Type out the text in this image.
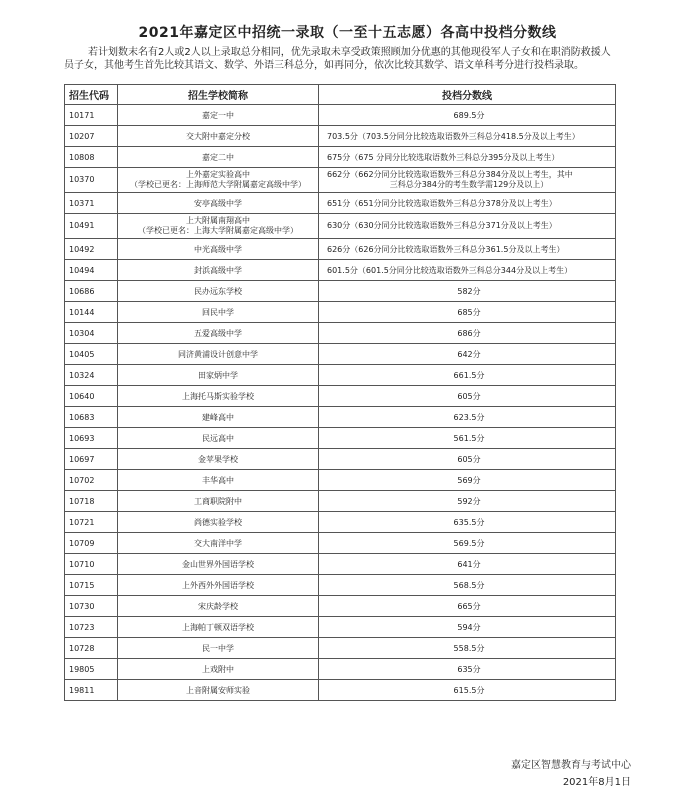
2021年嘉定区中招统一录取（一至十五志愿）各高中投档分数线
若计划数末名有2人或2人以上录取总分相同，优先录取未享受政策照顾加分优惠的其他现役军人子女和在职消防救援人员子女，其他考生首先比较其语文、数学、外语三科总分，如再同分，依次比较其数学、语文单科考分进行投档录取。
招生代码	招生学校简称	投档分数线
10171	嘉定一中	689.5分

10207	交大附中嘉定分校	703.5分（703.5分同分比较选取语数外三科总分418.5分及以上考生）

10808	嘉定二中	675分（675 分同分比较选取语数外三科总分395分及以上考生）

10370	上外嘉定实验高中
（学校已更名：上海师范大学附属嘉定高级中学）	662分（662分同分比较选取语数外三科总分384分及以上考生，其中
三科总分384分的考生数学需129分及以上）

10371	安亭高级中学	651分（651分同分比较选取语数外三科总分378分及以上考生）

10491	上大附属南翔高中
（学校已更名：上海大学附属嘉定高级中学）	630分（630分同分比较选取语数外三科总分371分及以上考生）

10492	中光高级中学	626分（626分同分比较选取语数外三科总分361.5分及以上考生）

10494	封浜高级中学	601.5分（601.5分同分比较选取语数外三科总分344分及以上考生）

10686	民办远东学校	582分

10144	回民中学	685分

10304	五爱高级中学	686分

10405	同济黄浦设计创意中学	642分

10324	田家炳中学	661.5分

10640	上海托马斯实验学校	605分

10683	建峰高中	623.5分

10693	民远高中	561.5分

10697	金苹果学校	605分

10702	丰华高中	569分

10718	工商职院附中	592分

10721	尚德实验学校	635.5分

10709	交大南洋中学	569.5分

10710	金山世界外国语学校	641分

10715	上外西外外国语学校	568.5分

10730	宋庆龄学校	665分

10723	上海帕丁顿双语学校	594分

10728	民一中学	558.5分

19805	上戏附中	635分

19811	上音附属安师实验	615.5分
嘉定区智慧教育与考试中心
2021年8月1日
